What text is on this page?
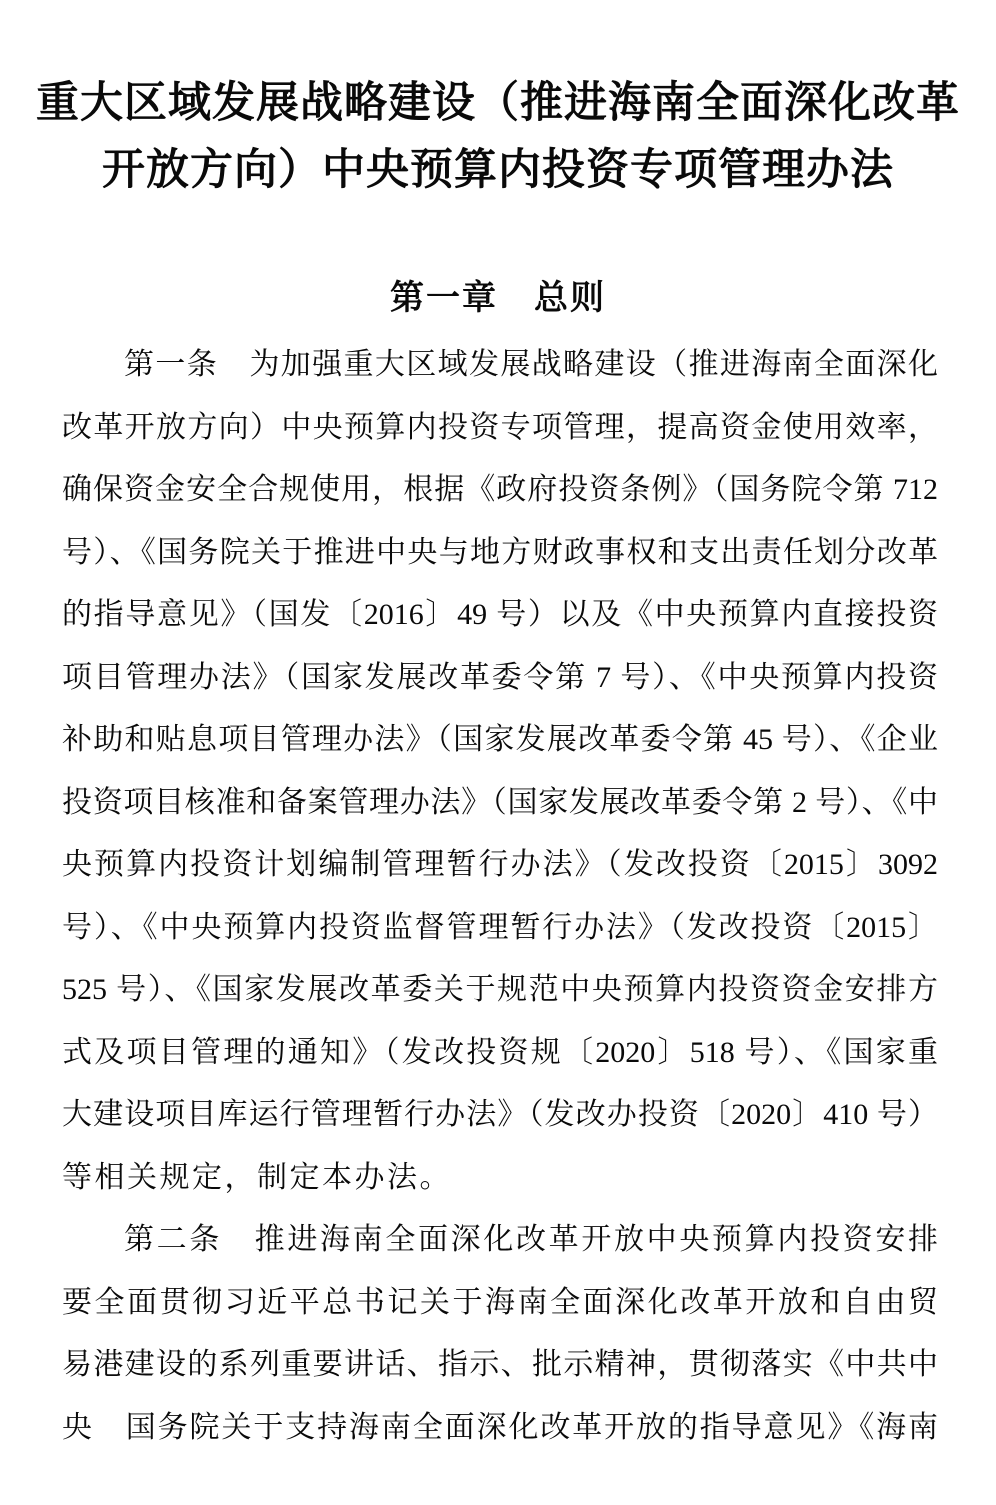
重大区域发展战略建设（推进海南全面深化改革
开放方向）中央预算内投资专项管理办法
第一章　总则
第一条　为加强重大区域发展战略建设（推进海南全面深化
改革开放方向）中央预算内投资专项管理，提高资金使用效率，
确保资金安全合规使用，根据《政府投资条例》（国务院令第 712
号）、《国务院关于推进中央与地方财政事权和支出责任划分改革
的指导意见》（国发〔2016〕49 号）以及《中央预算内直接投资
项目管理办法》（国家发展改革委令第 7 号）、《中央预算内投资
补助和贴息项目管理办法》（国家发展改革委令第 45 号）、《企业
投资项目核准和备案管理办法》（国家发展改革委令第 2 号）、《中
央预算内投资计划编制管理暂行办法》（发改投资〔2015〕3092
号）、《中央预算内投资监督管理暂行办法》（发改投资〔2015〕
525 号）、《国家发展改革委关于规范中央预算内投资资金安排方
式及项目管理的通知》（发改投资规〔2020〕518 号）、《国家重
大建设项目库运行管理暂行办法》（发改办投资〔2020〕410 号）
等相关规定，制定本办法。
第二条　推进海南全面深化改革开放中央预算内投资安排
要全面贯彻习近平总书记关于海南全面深化改革开放和自由贸
易港建设的系列重要讲话、指示、批示精神，贯彻落实《中共中
央　国务院关于支持海南全面深化改革开放的指导意见》《海南
